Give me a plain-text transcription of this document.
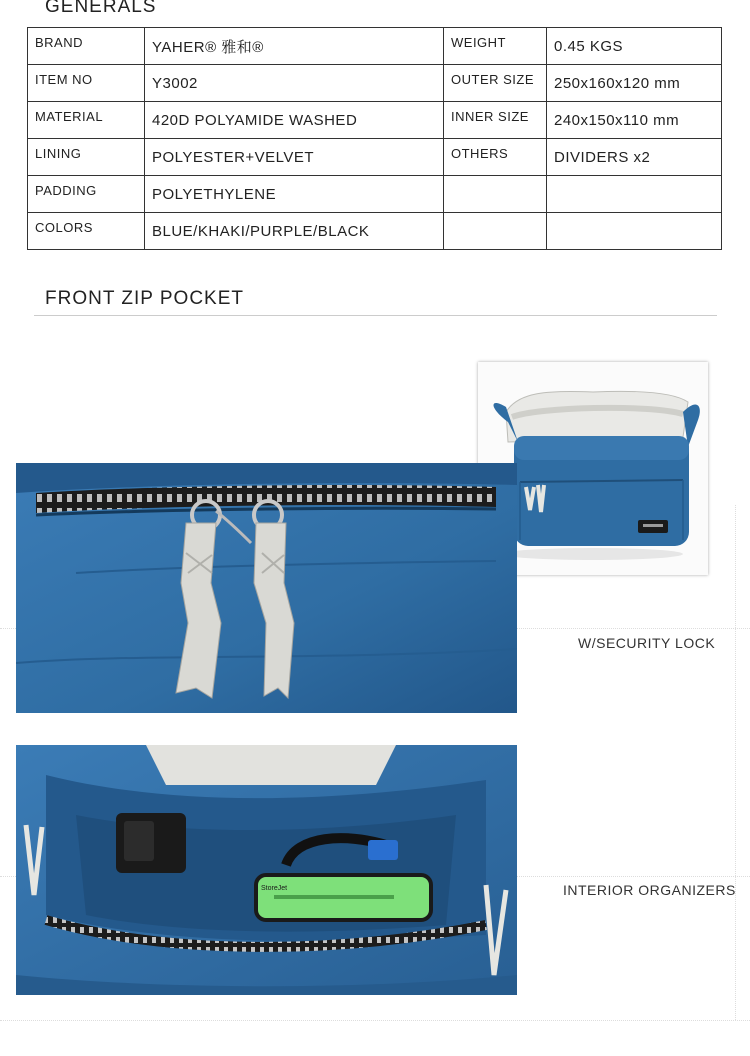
GENERALS
BRAND	YAHER® 雅和®	WEIGHT	0.45 KGS
ITEM NO	Y3002	OUTER SIZE	250x160x120 mm
MATERIAL	420D POLYAMIDE WASHED	INNER SIZE	240x150x110 mm
LINING	POLYESTER+VELVET	OTHERS	DIVIDERS x2
PADDING	POLYETHYLENE		
COLORS	BLUE/KHAKI/PURPLE/BLACK		
FRONT ZIP POCKET
W/SECURITY LOCK
StoreJet	INTERIOR ORGANIZERS
